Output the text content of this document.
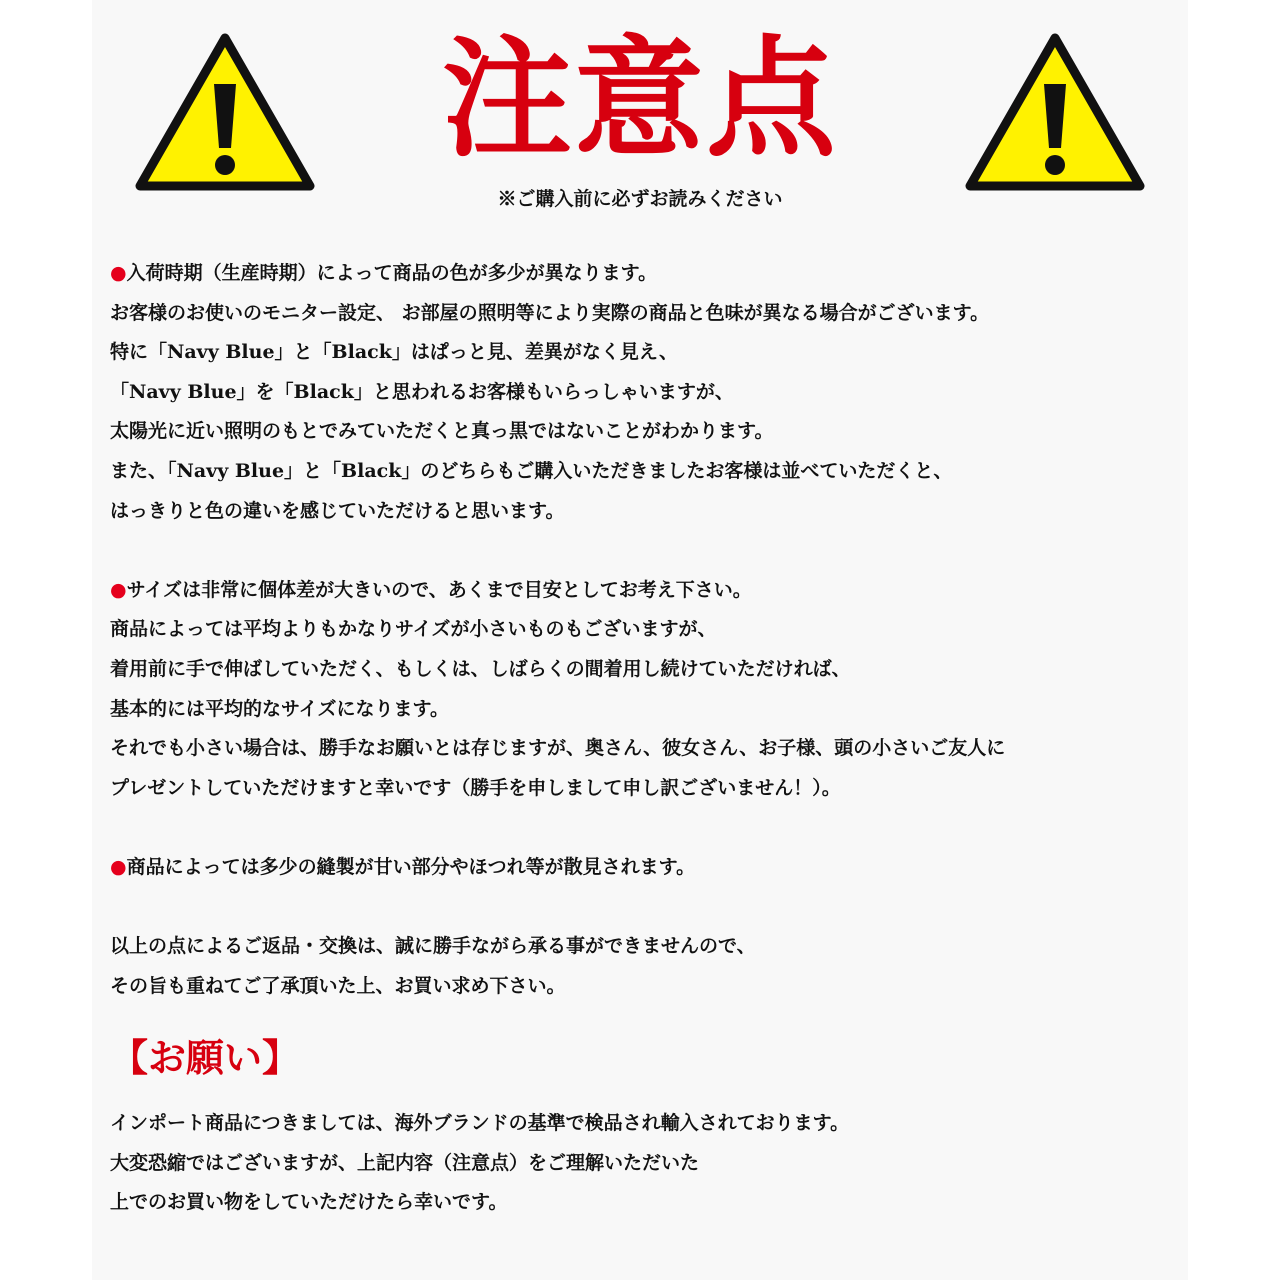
注意点
※ご購入前に必ずお読みください
●入荷時期（生産時期）によって商品の色が多少が異なります。
お客様のお使いのモニター設定、 お部屋の照明等により実際の商品と色味が異なる場合がございます。
特に「Navy Blue」と「Black」はぱっと見、差異がなく見え、
「Navy Blue」を「Black」と思われるお客様もいらっしゃいますが、
太陽光に近い照明のもとでみていただくと真っ黒ではないことがわかります。
また、「Navy Blue」と「Black」のどちらもご購入いただきましたお客様は並べていただくと、
はっきりと色の違いを感じていただけると思います。
●サイズは非常に個体差が大きいので、あくまで目安としてお考え下さい。
商品によっては平均よりもかなりサイズが小さいものもございますが、
着用前に手で伸ばしていただく、もしくは、しばらくの間着用し続けていただければ、
基本的には平均的なサイズになります。
それでも小さい場合は、勝手なお願いとは存じますが、奥さん、彼女さん、お子様、頭の小さいご友人に
プレゼントしていただけますと幸いです（勝手を申しまして申し訳ございません！）。
●商品によっては多少の縫製が甘い部分やほつれ等が散見されます。
以上の点によるご返品・交換は、誠に勝手ながら承る事ができませんので、
その旨も重ねてご了承頂いた上、お買い求め下さい。
【お願い】
インポート商品につきましては、海外ブランドの基準で検品され輸入されております。
大変恐縮ではございますが、上記内容（注意点）をご理解いただいた
上でのお買い物をしていただけたら幸いです。
